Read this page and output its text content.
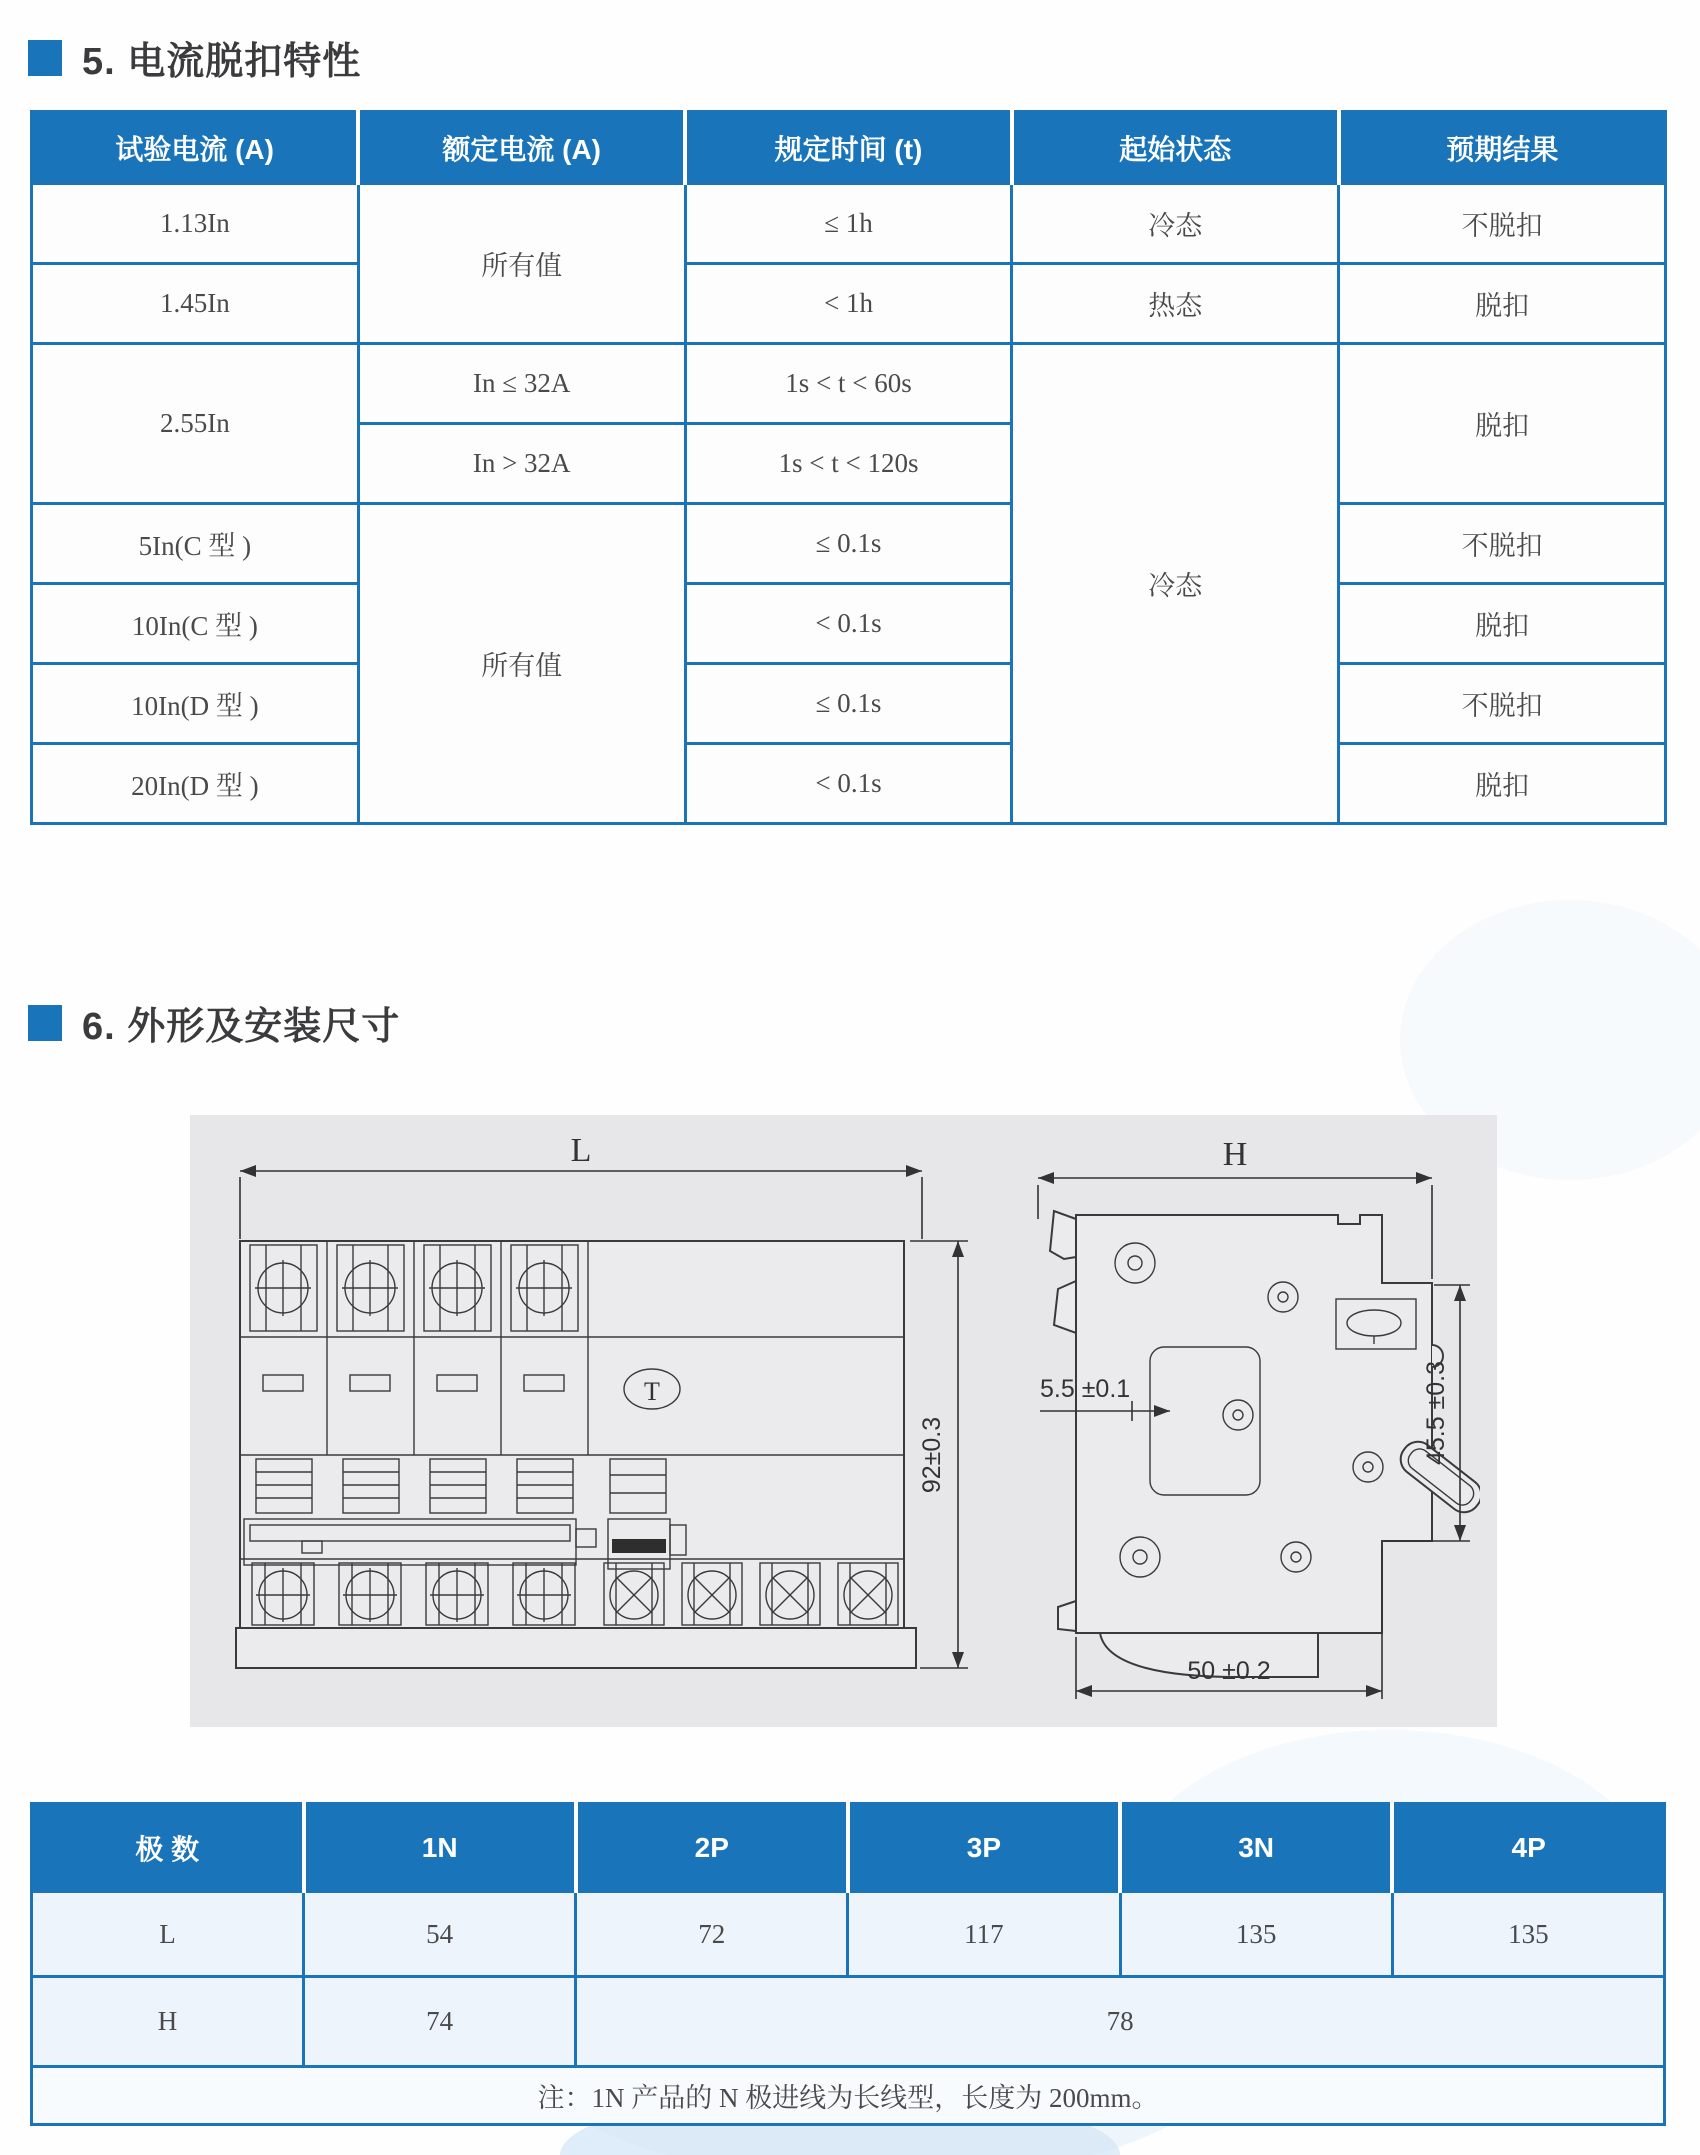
5. 电流脱扣特性
试验电流 (A)	额定电流 (A)	规定时间 (t)	起始状态	预期结果
1.13In	所有值	≤ 1h	冷态	不脱扣
1.45In		< 1h	热态	脱扣
2.55In	In ≤ 32A	1s < t < 60s	冷态	脱扣
	In > 32A	1s < t < 120s		
5In(C 型 )	所有值	≤ 0.1s		不脱扣
10In(C 型 )		< 0.1s		脱扣
10In(D 型 )		≤ 0.1s		不脱扣
20In(D 型 )		< 0.1s		脱扣
6. 外形及安装尺寸
L
T
92±0.3
H
5.5 ±0.1	45.5 ±0.3
50 ±0.2
极 数	1N	2P	3P	3N	4P
L	54	72	117	135	135
H	74	78			
注：1N 产品的 N 极进线为长线型，长度为 200mm。					
